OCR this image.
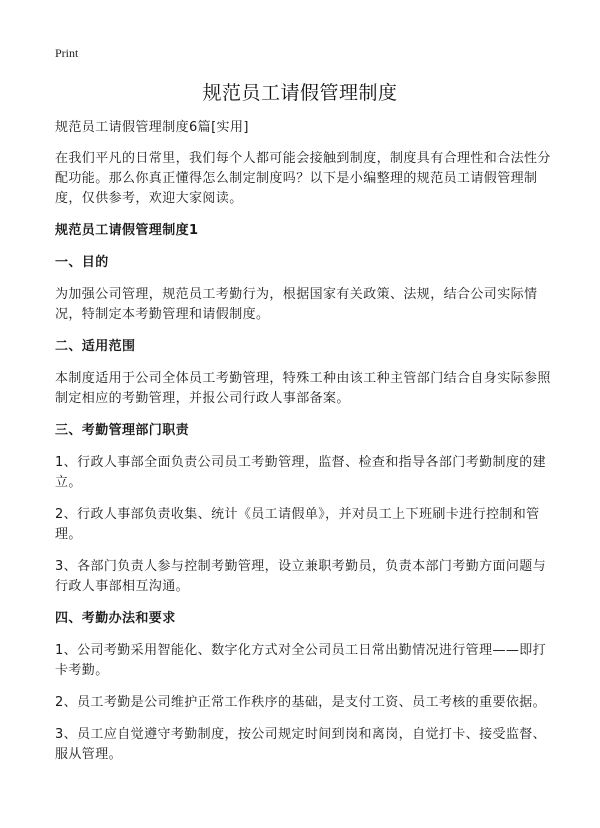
Print
规范员工请假管理制度

规范员工请假管理制度6篇[实用]

在我们平凡的日常里，我们每个人都可能会接触到制度，制度具有合理性和合法性分配功能。那么你真正懂得怎么制定制度吗？以下是小编整理的规范员工请假管理制度，仅供参考，欢迎大家阅读。

规范员工请假管理制度1

一、目的

为加强公司管理，规范员工考勤行为，根据国家有关政策、法规，结合公司实际情况，特制定本考勤管理和请假制度。

二、适用范围

本制度适用于公司全体员工考勤管理，特殊工种由该工种主管部门结合自身实际参照制定相应的考勤管理，并报公司行政人事部备案。

三、考勤管理部门职责

1、行政人事部全面负责公司员工考勤管理，监督、检查和指导各部门考勤制度的建立。

2、行政人事部负责收集、统计《员工请假单》，并对员工上下班刷卡进行控制和管理。

3、各部门负责人参与控制考勤管理，设立兼职考勤员，负责本部门考勤方面问题与行政人事部相互沟通。

四、考勤办法和要求

1、公司考勤采用智能化、数字化方式对全公司员工日常出勤情况进行管理——即打卡考勤。

2、员工考勤是公司维护正常工作秩序的基础，是支付工资、员工考核的重要依据。

3、员工应自觉遵守考勤制度，按公司规定时间到岗和离岗，自觉打卡、接受监督、服从管理。
